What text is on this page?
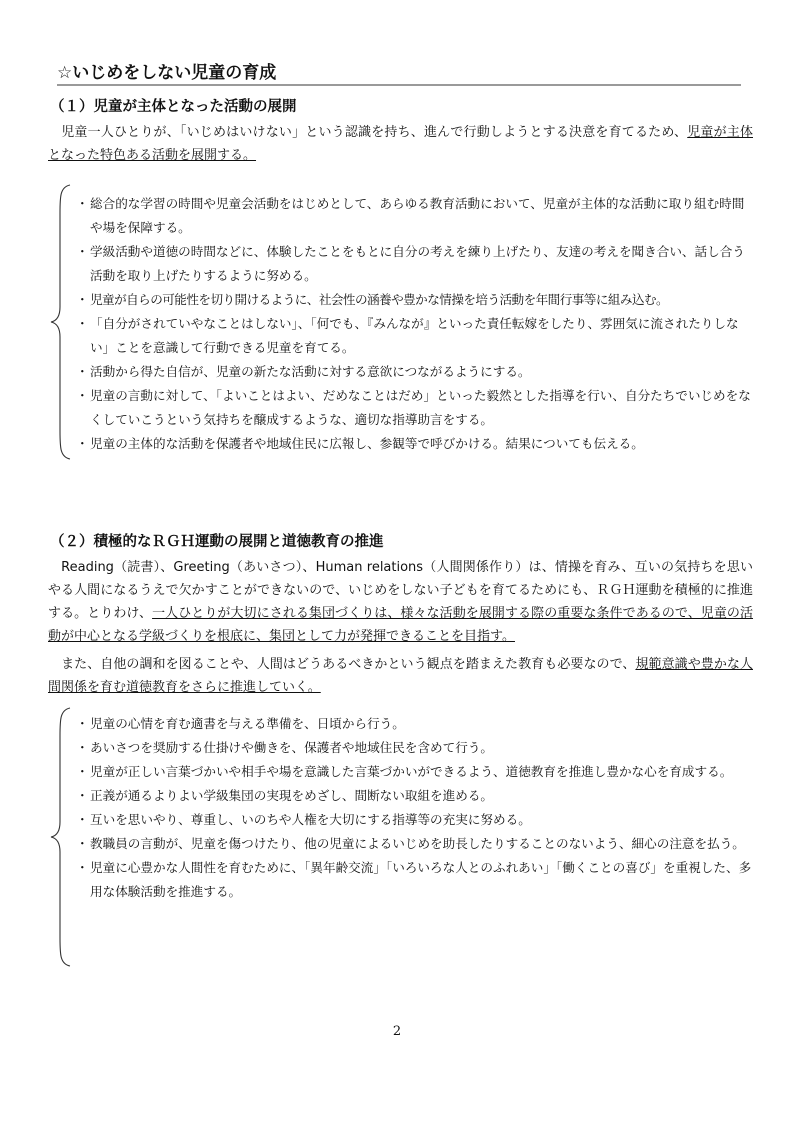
☆いじめをしない児童の育成
（１）児童が主体となった活動の展開
　児童一人ひとりが、「いじめはいけない」という認識を持ち、進んで行動しようとする決意を育てるため、児童が主体となった特色ある活動を展開する。
・ 総合的な学習の時間や児童会活動をはじめとして、あらゆる教育活動において、児童が主体的な活動に取り組む時間や場を保障する。
・ 学級活動や道徳の時間などに、体験したことをもとに自分の考えを練り上げたり、友達の考えを聞き合い、話し合う活動を取り上げたりするように努める。
・ 児童が自らの可能性を切り開けるように、社会性の涵養や豊かな情操を培う活動を年間行事等に組み込む。
・ 「自分がされていやなことはしない」、「何でも、『みんなが』といった責任転嫁をしたり、雰囲気に流されたりしない」ことを意識して行動できる児童を育てる。
・ 活動から得た自信が、児童の新たな活動に対する意欲につながるようにする。
・ 児童の言動に対して、「よいことはよい、だめなことはだめ」といった毅然とした指導を行い、自分たちでいじめをなくしていこうという気持ちを醸成するような、適切な指導助言をする。
・ 児童の主体的な活動を保護者や地域住民に広報し、参観等で呼びかける。結果についても伝える。
（２）積極的なＲＧＨ運動の展開と道徳教育の推進
　Reading（読書）、Greeting（あいさつ）、Human relations（人間関係作り）は、情操を育み、互いの気持ちを思いやる人間になるうえで欠かすことができないので、いじめをしない子どもを育てるためにも、ＲＧＨ運動を積極的に推進する。とりわけ、一人ひとりが大切にされる集団づくりは、様々な活動を展開する際の重要な条件であるので、児童の活動が中心となる学級づくりを根底に、集団として力が発揮できることを目指す。
　また、自他の調和を図ることや、人間はどうあるべきかという観点を踏まえた教育も必要なので、規範意識や豊かな人間関係を育む道徳教育をさらに推進していく。
・ 児童の心情を育む適書を与える準備を、日頃から行う。
・ あいさつを奨励する仕掛けや働きを、保護者や地域住民を含めて行う。
・ 児童が正しい言葉づかいや相手や場を意識した言葉づかいができるよう、道徳教育を推進し豊かな心を育成する。
・ 正義が通るよりよい学級集団の実現をめざし、間断ない取組を進める。
・ 互いを思いやり、尊重し、いのちや人権を大切にする指導等の充実に努める。
・ 教職員の言動が、児童を傷つけたり、他の児童によるいじめを助長したりすることのないよう、細心の注意を払う。
・ 児童に心豊かな人間性を育むために、「異年齢交流」「いろいろな人とのふれあい」「働くことの喜び」を重視した、多用な体験活動を推進する。
2
